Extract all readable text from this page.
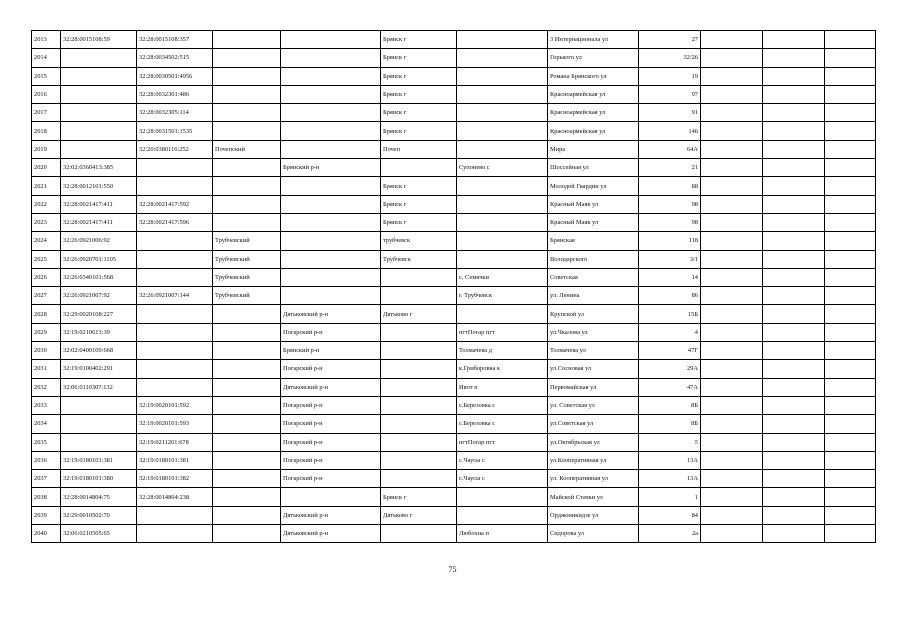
2013	32:28:0015108:59	32:28:0015108:357			Брянск г		3 Интернационала ул	27			
2014		32:28:0034502:515			Брянск г		Горького ул	32/26			
2015		32:28:0030501:4956			Брянск г		Романа Брянского ул	19			
2016		32:28:0032301:486			Брянск г		Красноармейская ул	97			
2017		32:28:0032305:114			Брянск г		Красноармейская ул	91			
2018		32:28:0031501:1535			Брянск г		Красноармейская ул	146			
2019		32:20:0380116:252	Почепский		Почеп		Мира	64А			
2020	32:02:0360413:385			Брянский р-н		Супонево с	Шоссейная ул	21			
2021	32:28:0012101:550				Брянск г		Молодой Гвардии ул	88			
2022	32:28:0021417:411	32:28:0021417:592			Брянск г		Красный Маяк ул	98			
2023	32:28:0021417:411	32:28:0021417:596			Брянск г		Красный Маяк ул	98			
2024	32:26:0921006:92		Трубчевский		трубчевск		Брянская	118			
2025	32:26:0920701:1105		Трубчевский		Трубчевск		Володарского	3/1			
2026	32:26:0340101:568		Трубчевский			с. Семячки	Советская	14			
2027	32:26:0921007:92	32:26:0921007:144	Трубчевский			г. Трубчевск	ул. Ленина	86			
2028	32:29:0020108:227			Дятьковский р-н	Дятьково г		Крупской ул	15Б			
2029	32:19:0210613:39			Погарский р-н		пгтПогар пгт	ул.Чкалова ул	4			
2030	32:02:0400109:668			Брянский р-н		Толмачева д	Толмачева ул	47Г			
2031	32:19:0100402:291			Погарский р-н		к.Гриборовка к	ул.Сосновая ул	29А			
2032	32:06:0110307:132			Дятьковский р-н		Ивот п	Первомайская ул	47А			
2033		32:19:0020101:592		Погарский р-н		с.Березовка с	ул. Советская ул	8Б			
2034		32:19:0020101:593		Погарский р-н		с.Березовка с	ул.Советская ул	8Б			
2035		32:19:0211201:678		Погарский р-н		пгтПогар пгт	ул.Октябрьская ул	5			
2036	32:19:0180101:381	32:19:0180101:381		Погарский р-н		с.Чаусы с	ул.Кооперативная ул	13А			
2037	32:19:0180101:380	32:19:0180101:382		Погарский р-н		с.Чаусы с	ул. Кооперативная ул	13А			
2038	32:28:0014804:75	32:28:0014804:238			Брянск г		Майской Стачки ул	1			
2039	32:29:0010502:70			Дятьковский р-н	Дятьково г		Орджоникидзе ул	84			
2040	32:06:0210505:65			Дятьковский р-н		Любохна п	Сидорова ул	2а			
75
